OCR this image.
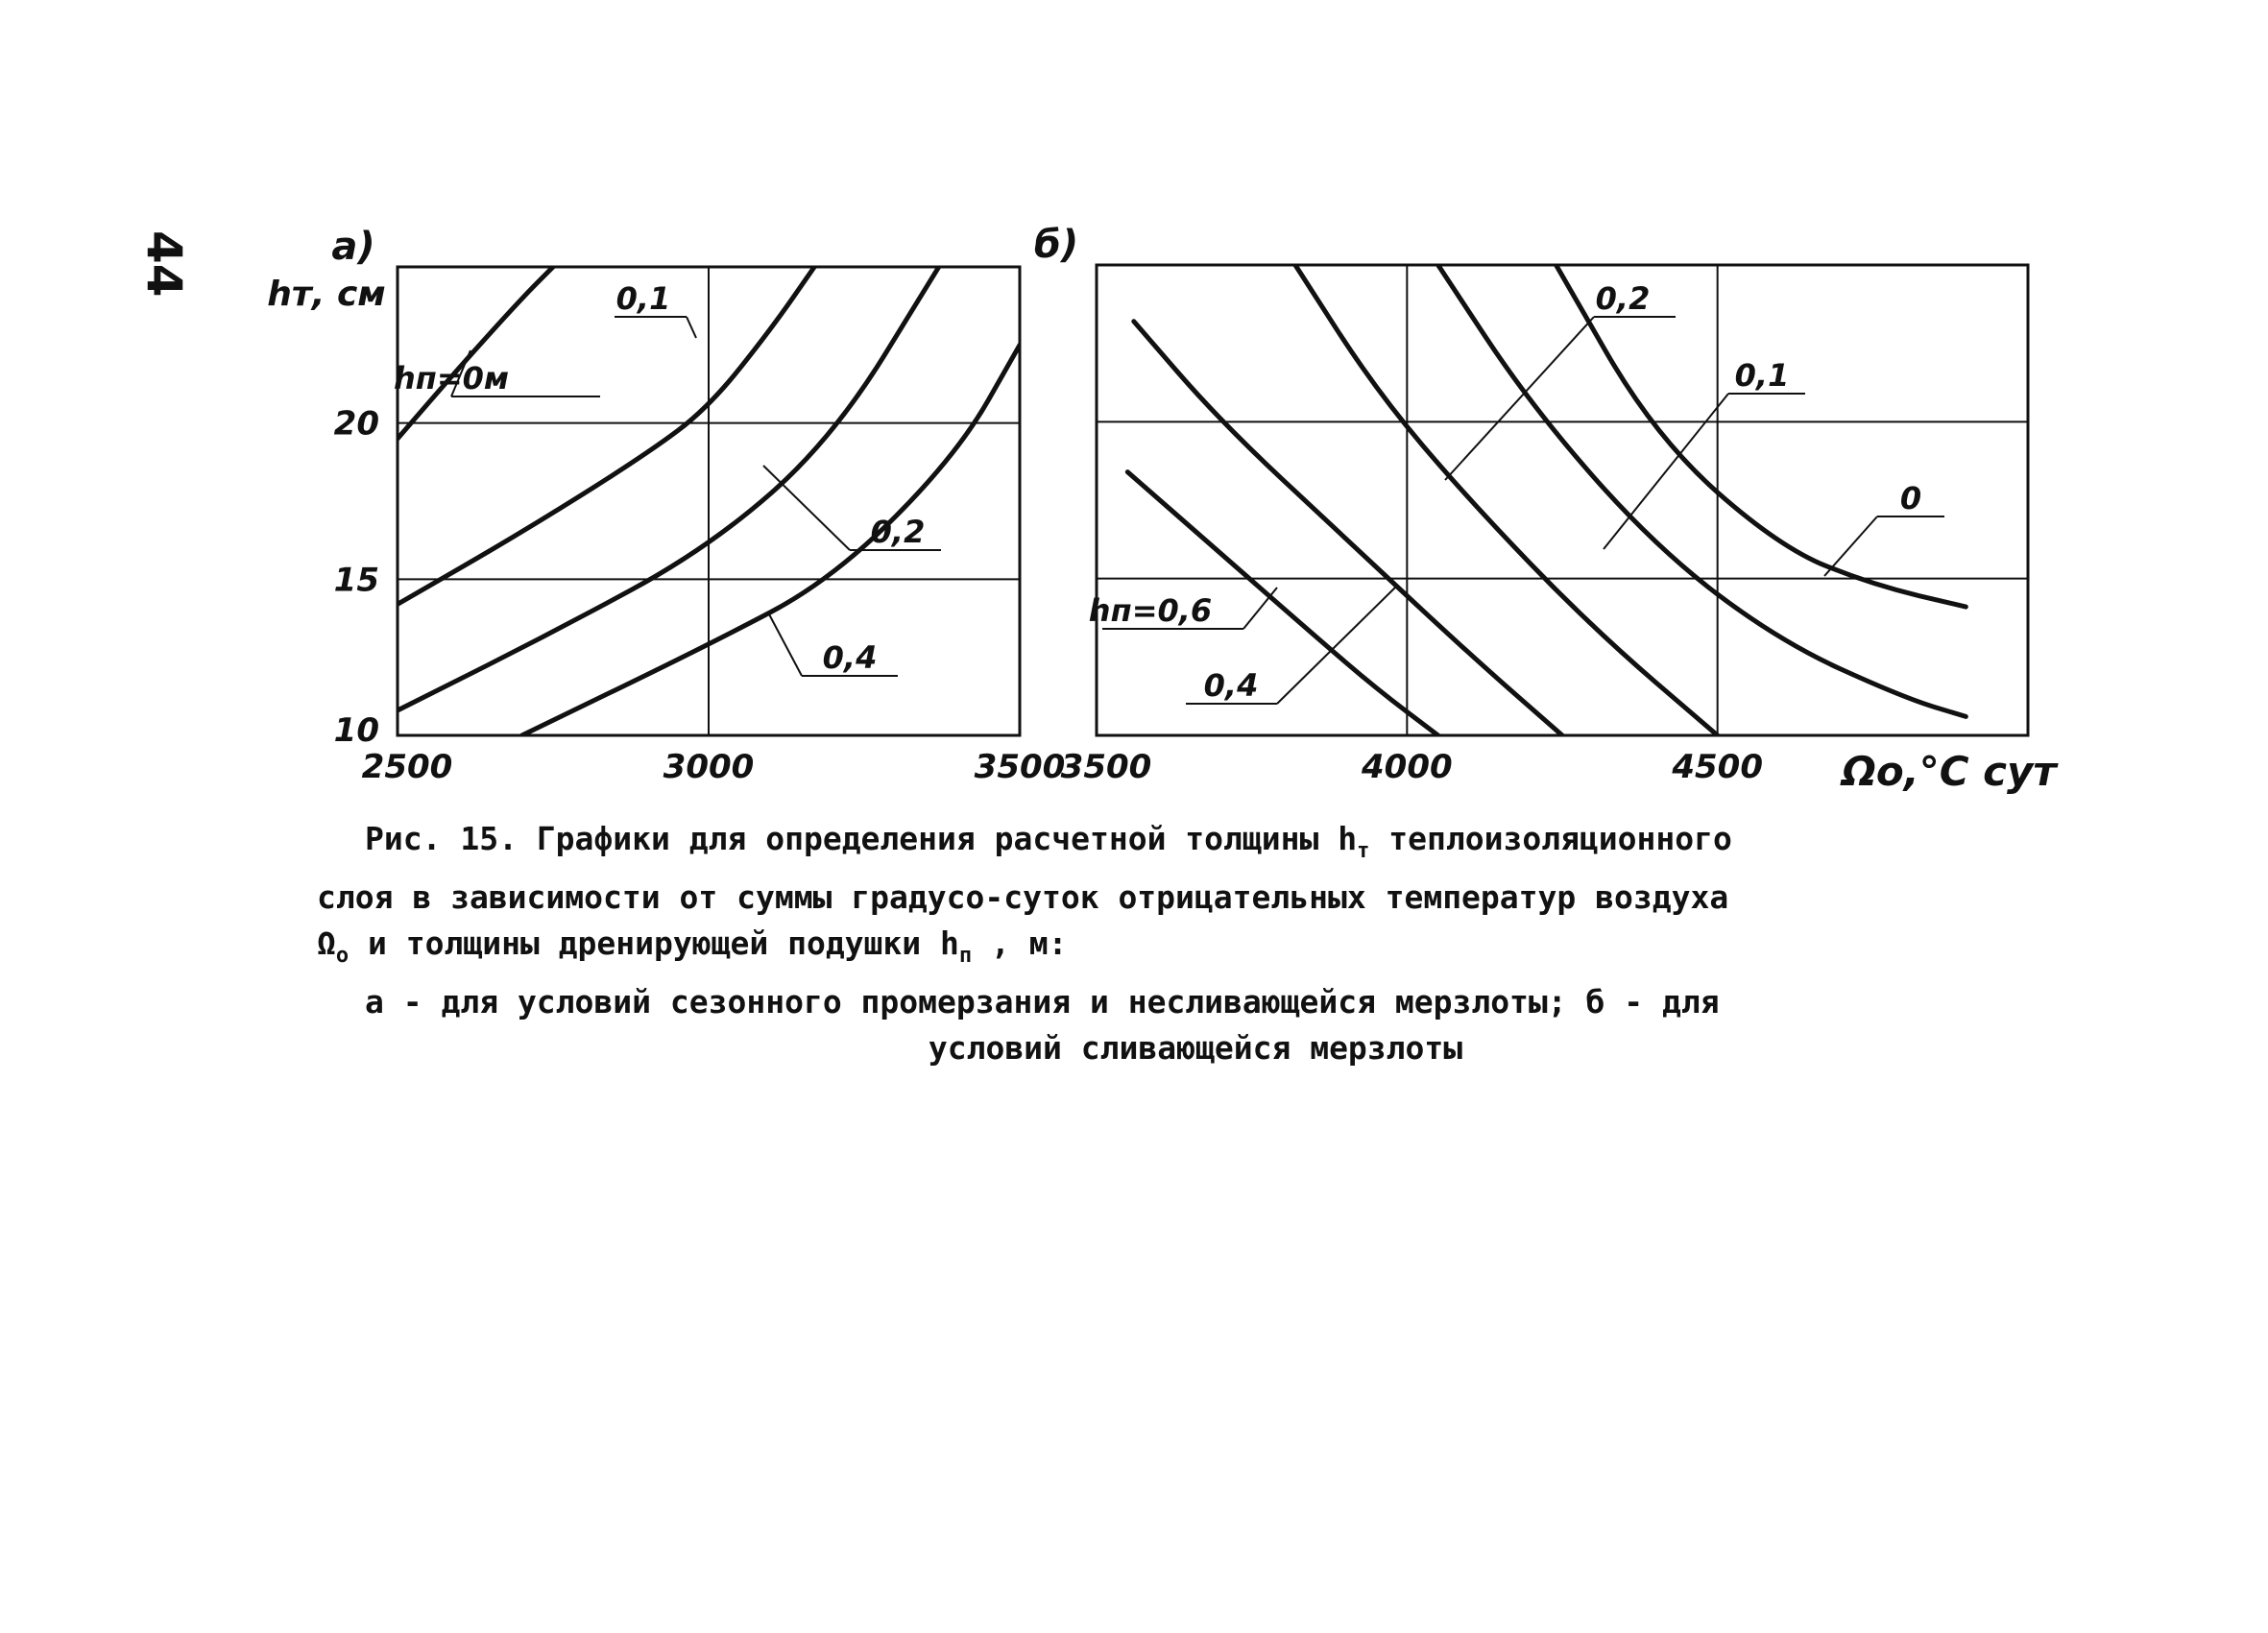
44
2500	3000	3500
10
15
20
а)
hт, см
hп=0м
0,1
0,2
0,4
3500	4000	4500
б)
Ωо,°С сут
hп=0,6
0,4
0,2
0,1
0
Рис. 15. Графики для определения расчетной толщины $h_т$ теплоизоляционного
слоя в зависимости от суммы градусо-суток отрицательных температур воздуха
$\Omega_о$ и толщины дренирующей подушки $h_п$ , м:
а - для условий сезонного промерзания и несливающейся мерзлоты; б - для
условий сливающейся мерзлоты
